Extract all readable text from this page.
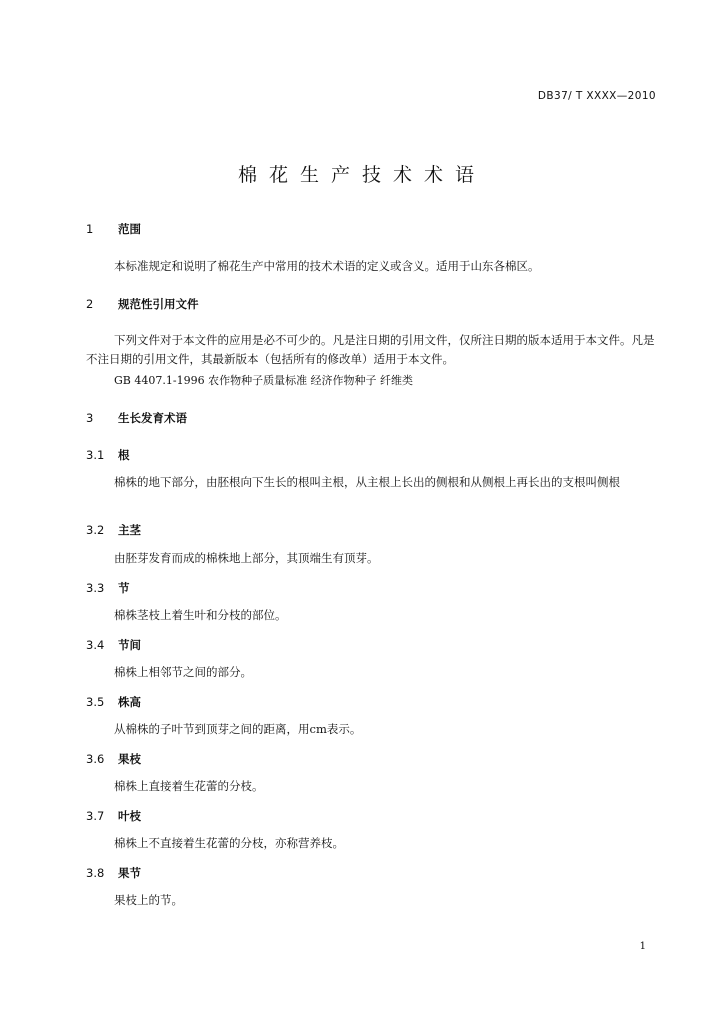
DB37/ T XXXX—2010
棉花生产技术术语
1 范围
本标准规定和说明了棉花生产中常用的技术术语的定义或含义。适用于山东各棉区。
2 规范性引用文件
下列文件对于本文件的应用是必不可少的。凡是注日期的引用文件，仅所注日期的版本适用于本文件。凡是不注日期的引用文件，其最新版本（包括所有的修改单）适用于本文件。
GB 4407.1-1996 农作物种子质量标准 经济作物种子 纤维类
3 生长发育术语
3.1 根
棉株的地下部分，由胚根向下生长的根叫主根，从主根上长出的侧根和从侧根上再长出的支根叫侧根
3.2 主茎
由胚芽发育而成的棉株地上部分，其顶端生有顶芽。
3.3 节
棉株茎枝上着生叶和分枝的部位。
3.4 节间
棉株上相邻节之间的部分。
3.5 株高
从棉株的子叶节到顶芽之间的距离，用cm表示。
3.6 果枝
棉株上直接着生花蕾的分枝。
3.7 叶枝
棉株上不直接着生花蕾的分枝，亦称营养枝。
3.8 果节
果枝上的节。
1
